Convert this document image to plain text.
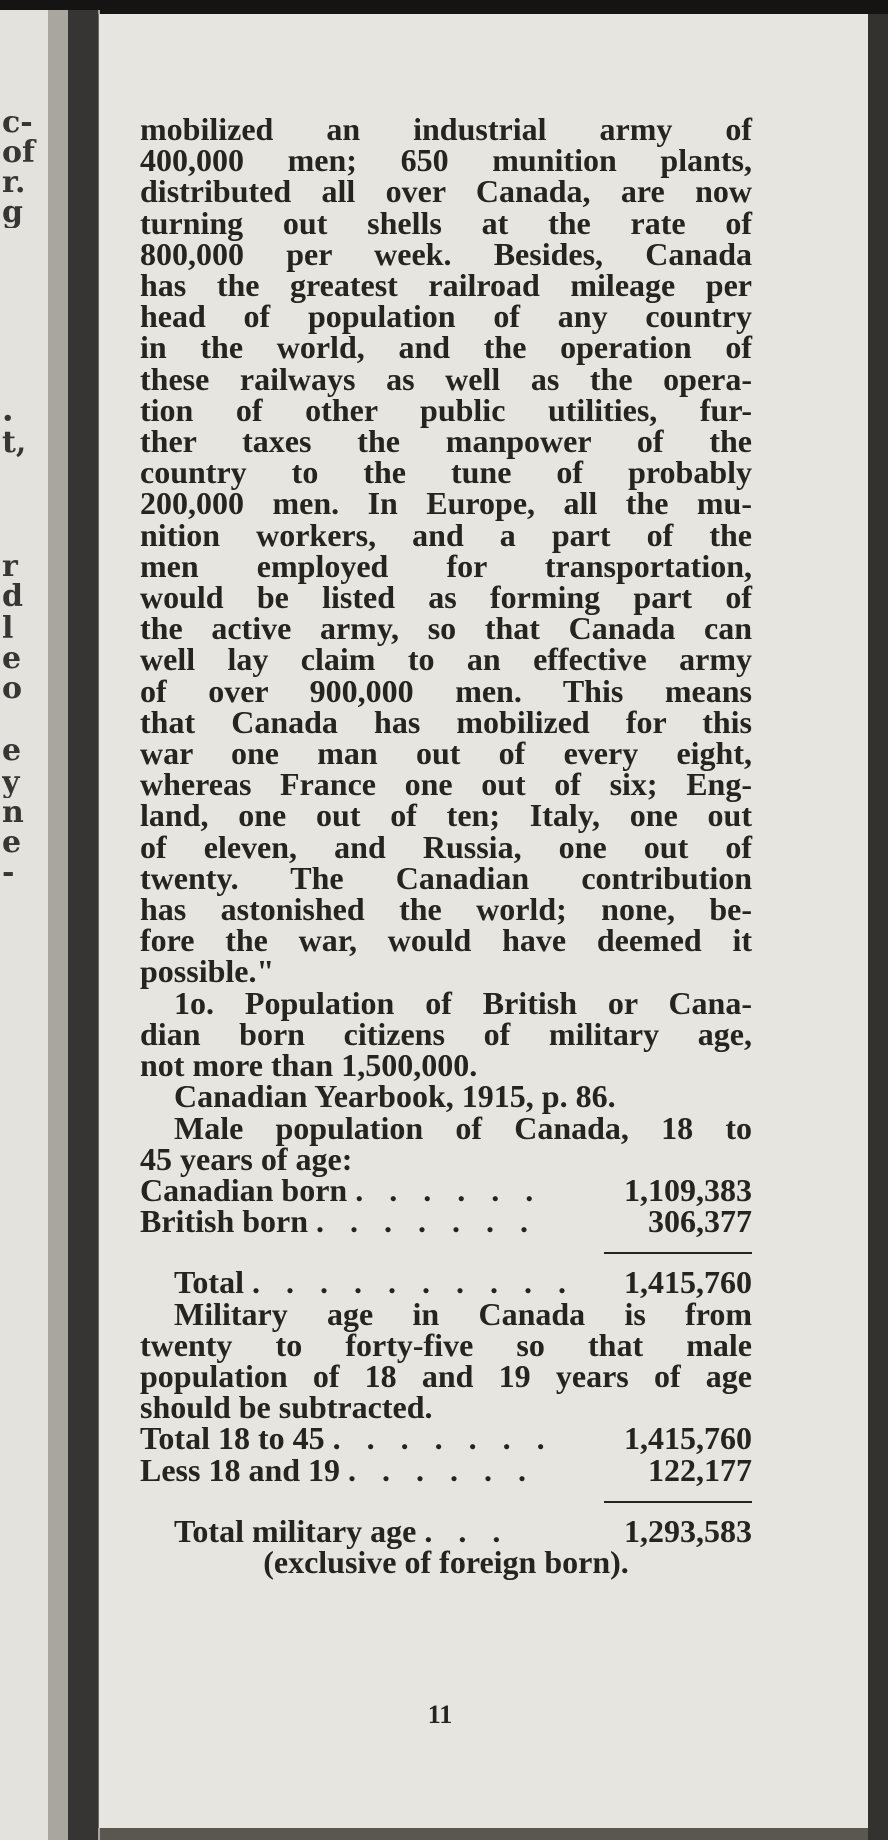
c-
of
r.
g
•
t,
r
d
l
e
o
e
y
n
e
-
mobilized an industrial army of
400,000 men; 650 munition plants,
distributed all over Canada, are now
turning out shells at the rate of
800,000 per week. Besides, Canada
has the greatest railroad mileage per
head of population of any country
in the world, and the operation of
these railways as well as the opera-
tion of other public utilities, fur-
ther taxes the manpower of the
country to the tune of probably
200,000 men. In Europe, all the mu-
nition workers, and a part of the
men employed for transportation,
would be listed as forming part of
the active army, so that Canada can
well lay claim to an effective army
of over 900,000 men. This means
that Canada has mobilized for this
war one man out of every eight,
whereas France one out of six; Eng-
land, one out of ten; Italy, one out
of eleven, and Russia, one out of
twenty. The Canadian contribution
has astonished the world; none, be-
fore the war, would have deemed it
possible."
1o. Population of British or Cana-
dian born citizens of military age,
not more than 1,500,000.
Canadian Yearbook, 1915, p. 86.
Male population of Canada, 18 to
45 years of age:
Canadian born . . . . . .	1,109,383
British born . . . . . . .	306,377
Total . . . . . . . . . . 1,415,760
Military age in Canada is from
twenty to forty-five so that male
population of 18 and 19 years of age
should be subtracted.
Total 18 to 45 . . . . . . . 1,415,760
Less 18 and 19 . . . . . .	122,177
Total military age . . .	1,293,583
(exclusive of foreign born).
11
